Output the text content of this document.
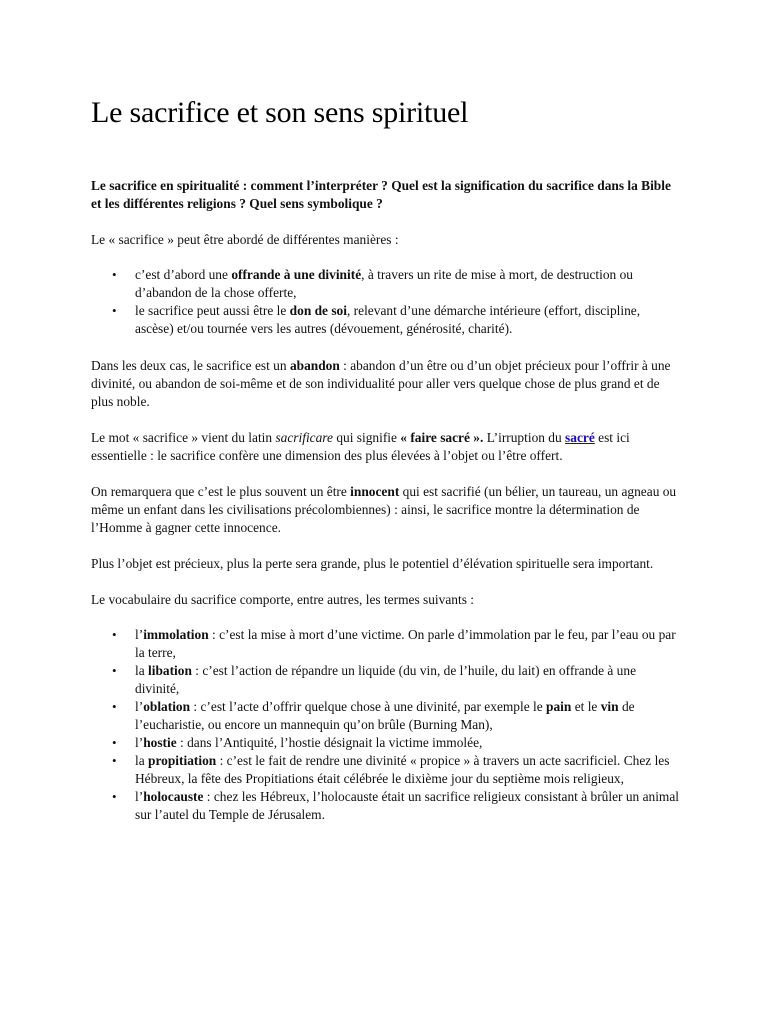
Le sacrifice et son sens spirituel

Le sacrifice en spiritualité : comment l’interpréter ? Quel est la signification du sacrifice dans la Bible et les différentes religions ? Quel sens symbolique ?

Le « sacrifice » peut être abordé de différentes manières :

• c’est d’abord une offrande à une divinité, à travers un rite de mise à mort, de destruction ou d’abandon de la chose offerte,
• le sacrifice peut aussi être le don de soi, relevant d’une démarche intérieure (effort, discipline, ascèse) et/ou tournée vers les autres (dévouement, générosité, charité).

Dans les deux cas, le sacrifice est un abandon : abandon d’un être ou d’un objet précieux pour l’offrir à une divinité, ou abandon de soi-même et de son individualité pour aller vers quelque chose de plus grand et de plus noble.

Le mot « sacrifice » vient du latin sacrificare qui signifie « faire sacré ». L’irruption du sacré est ici essentielle : le sacrifice confère une dimension des plus élevées à l’objet ou l’être offert.

On remarquera que c’est le plus souvent un être innocent qui est sacrifié (un bélier, un taureau, un agneau ou même un enfant dans les civilisations précolombiennes) : ainsi, le sacrifice montre la détermination de l’Homme à gagner cette innocence.

Plus l’objet est précieux, plus la perte sera grande, plus le potentiel d’élévation spirituelle sera important.

Le vocabulaire du sacrifice comporte, entre autres, les termes suivants :

• l’immolation : c’est la mise à mort d’une victime. On parle d’immolation par le feu, par l’eau ou par la terre,
• la libation : c’est l’action de répandre un liquide (du vin, de l’huile, du lait) en offrande à une divinité,
• l’oblation : c’est l’acte d’offrir quelque chose à une divinité, par exemple le pain et le vin de l’eucharistie, ou encore un mannequin qu’on brûle (Burning Man),
• l’hostie : dans l’Antiquité, l’hostie désignait la victime immolée,
• la propitiation : c’est le fait de rendre une divinité « propice » à travers un acte sacrificiel. Chez les Hébreux, la fête des Propitiations était célébrée le dixième jour du septième mois religieux,
• l’holocauste : chez les Hébreux, l’holocauste était un sacrifice religieux consistant à brûler un animal sur l’autel du Temple de Jérusalem.
